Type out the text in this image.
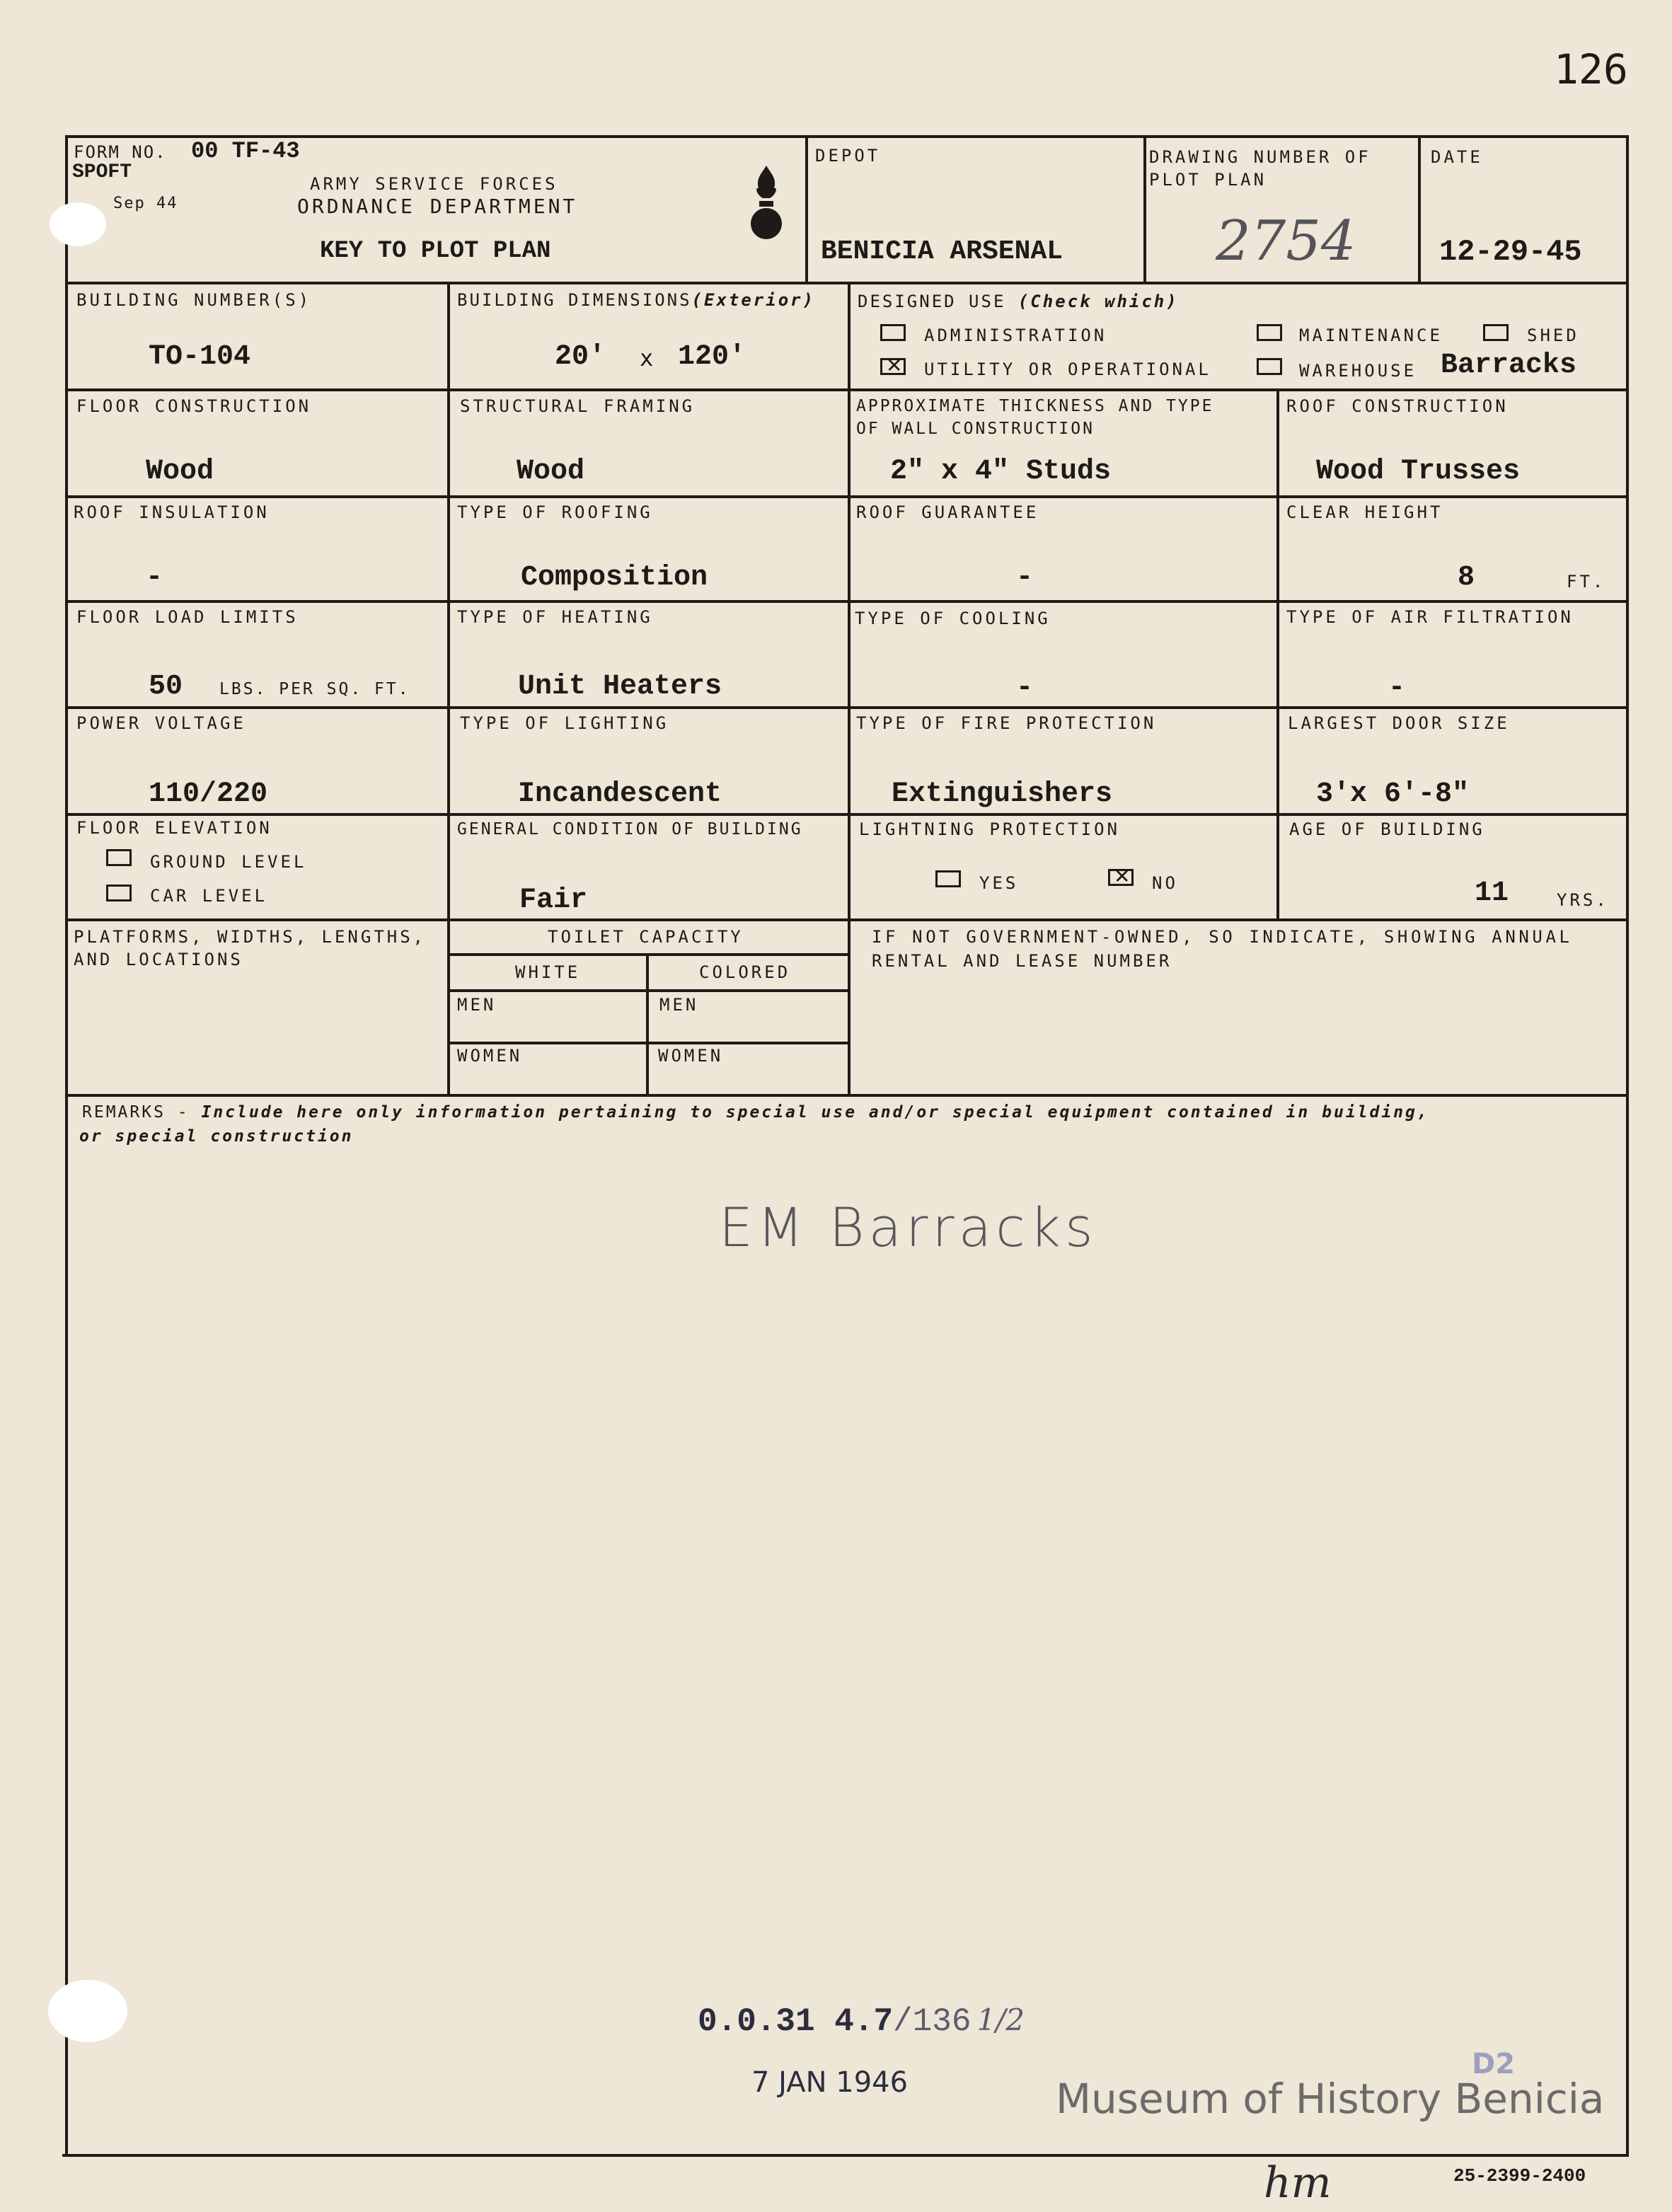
126
FORM NO. 00 TF-43
SPOFT
Sep 44
ARMY SERVICE FORCES
ORDNANCE DEPARTMENT
KEY TO PLOT PLAN
DEPOT
BENICIA ARSENAL
DRAWING NUMBER OF
PLOT PLAN
2754
DATE
12-29-45
BUILDING NUMBER(S)
TO-104
BUILDING DIMENSIONS(Exterior)
20' x 120'
DESIGNED USE (Check which)
ADMINISTRATION	MAINTENANCE	SHED
✕
UTILITY OR OPERATIONAL	WAREHOUSE Barracks
FLOOR CONSTRUCTION
Wood
STRUCTURAL FRAMING
Wood
APPROXIMATE THICKNESS AND TYPE
OF WALL CONSTRUCTION
2" x 4" Studs
ROOF CONSTRUCTION
Wood Trusses
ROOF INSULATION
-
TYPE OF ROOFING
Composition
ROOF GUARANTEE
-
CLEAR HEIGHT
8	FT.
FLOOR LOAD LIMITS
50 LBS. PER SQ. FT.
TYPE OF HEATING
Unit Heaters
TYPE OF COOLING
-
TYPE OF AIR FILTRATION
-
POWER VOLTAGE
110/220
TYPE OF LIGHTING
Incandescent
TYPE OF FIRE PROTECTION
Extinguishers
LARGEST DOOR SIZE
3'x 6'-8"
FLOOR ELEVATION
GROUND LEVEL
CAR LEVEL
GENERAL CONDITION OF BUILDING
Fair
LIGHTNING PROTECTION
YES
✕	NO
AGE OF BUILDING
11	YRS.
PLATFORMS, WIDTHS, LENGTHS,
AND LOCATIONS
TOILET CAPACITY
WHITE	COLORED
MEN	MEN
WOMEN	WOMEN
IF NOT GOVERNMENT-OWNED, SO INDICATE, SHOWING ANNUAL
RENTAL AND LEASE NUMBER
REMARKS - Include here only information pertaining to special use and/or special equipment contained in building,
or special construction
EM Barracks
0.0.31 4.7/136 1/2
7 JAN 1946
D2
Museum of History Benicia
25-2399-2400
hm
